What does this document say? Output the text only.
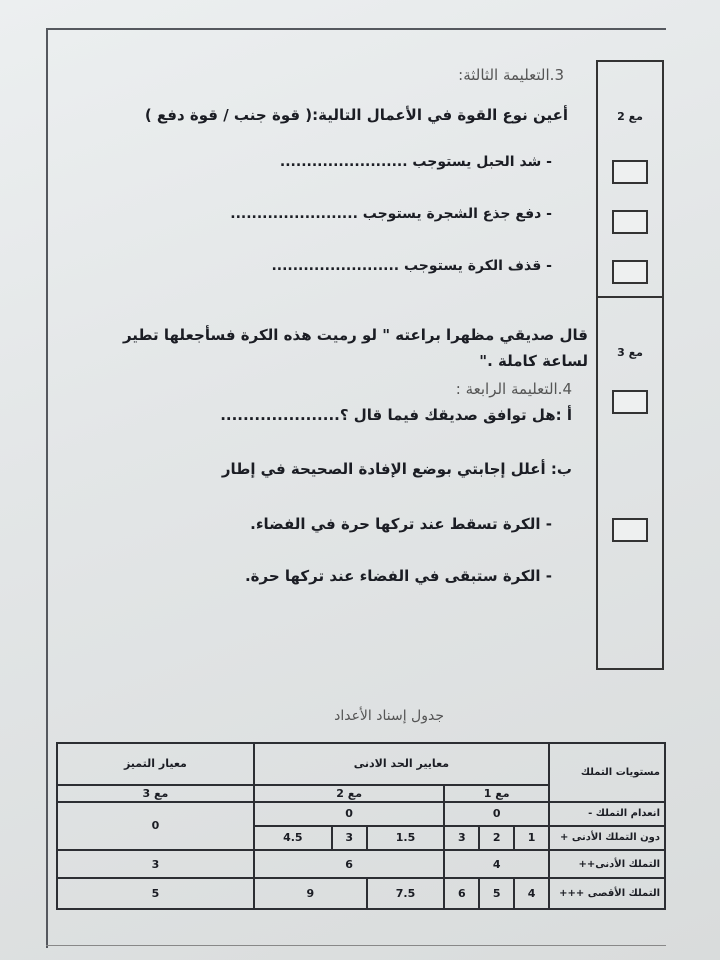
3.التعليمة الثالثة:
أعين نوع القوة في الأعمال التالية:( قوة جنب / قوة دفع )
- شد الحبل يستوجب ........................
- دفع جذع الشجرة يستوجب ........................
- قذف الكرة يستوجب ........................
قال صديقي مظهرا براعته " لو رميت هذه الكرة فسأجعلها تطير
لساعة كاملة ."
4.التعليمة الرابعة :
أ :هل توافق صديقك فيما قال ؟.....................
ب: أعلل إجابتي بوضع الإفادة الصحيحة في إطار
- الكرة تسقط عند تركها حرة في الفضاء.
- الكرة ستبقى في الفضاء عند تركها حرة.
مع 2
مع 3
جدول إسناد الأعداد
مستويات التملك	معايير الحد الادنى						معيار التميز
	مع 1			مع 2			مع 3
انعدام التملك -	0			0			0
دون التملك الأدنى +	1	2	3	1.5	3	4.5	
التملك الأدنى++	4			6			3
التملك الأقصى +++	4	5	6	7.5	9		5
